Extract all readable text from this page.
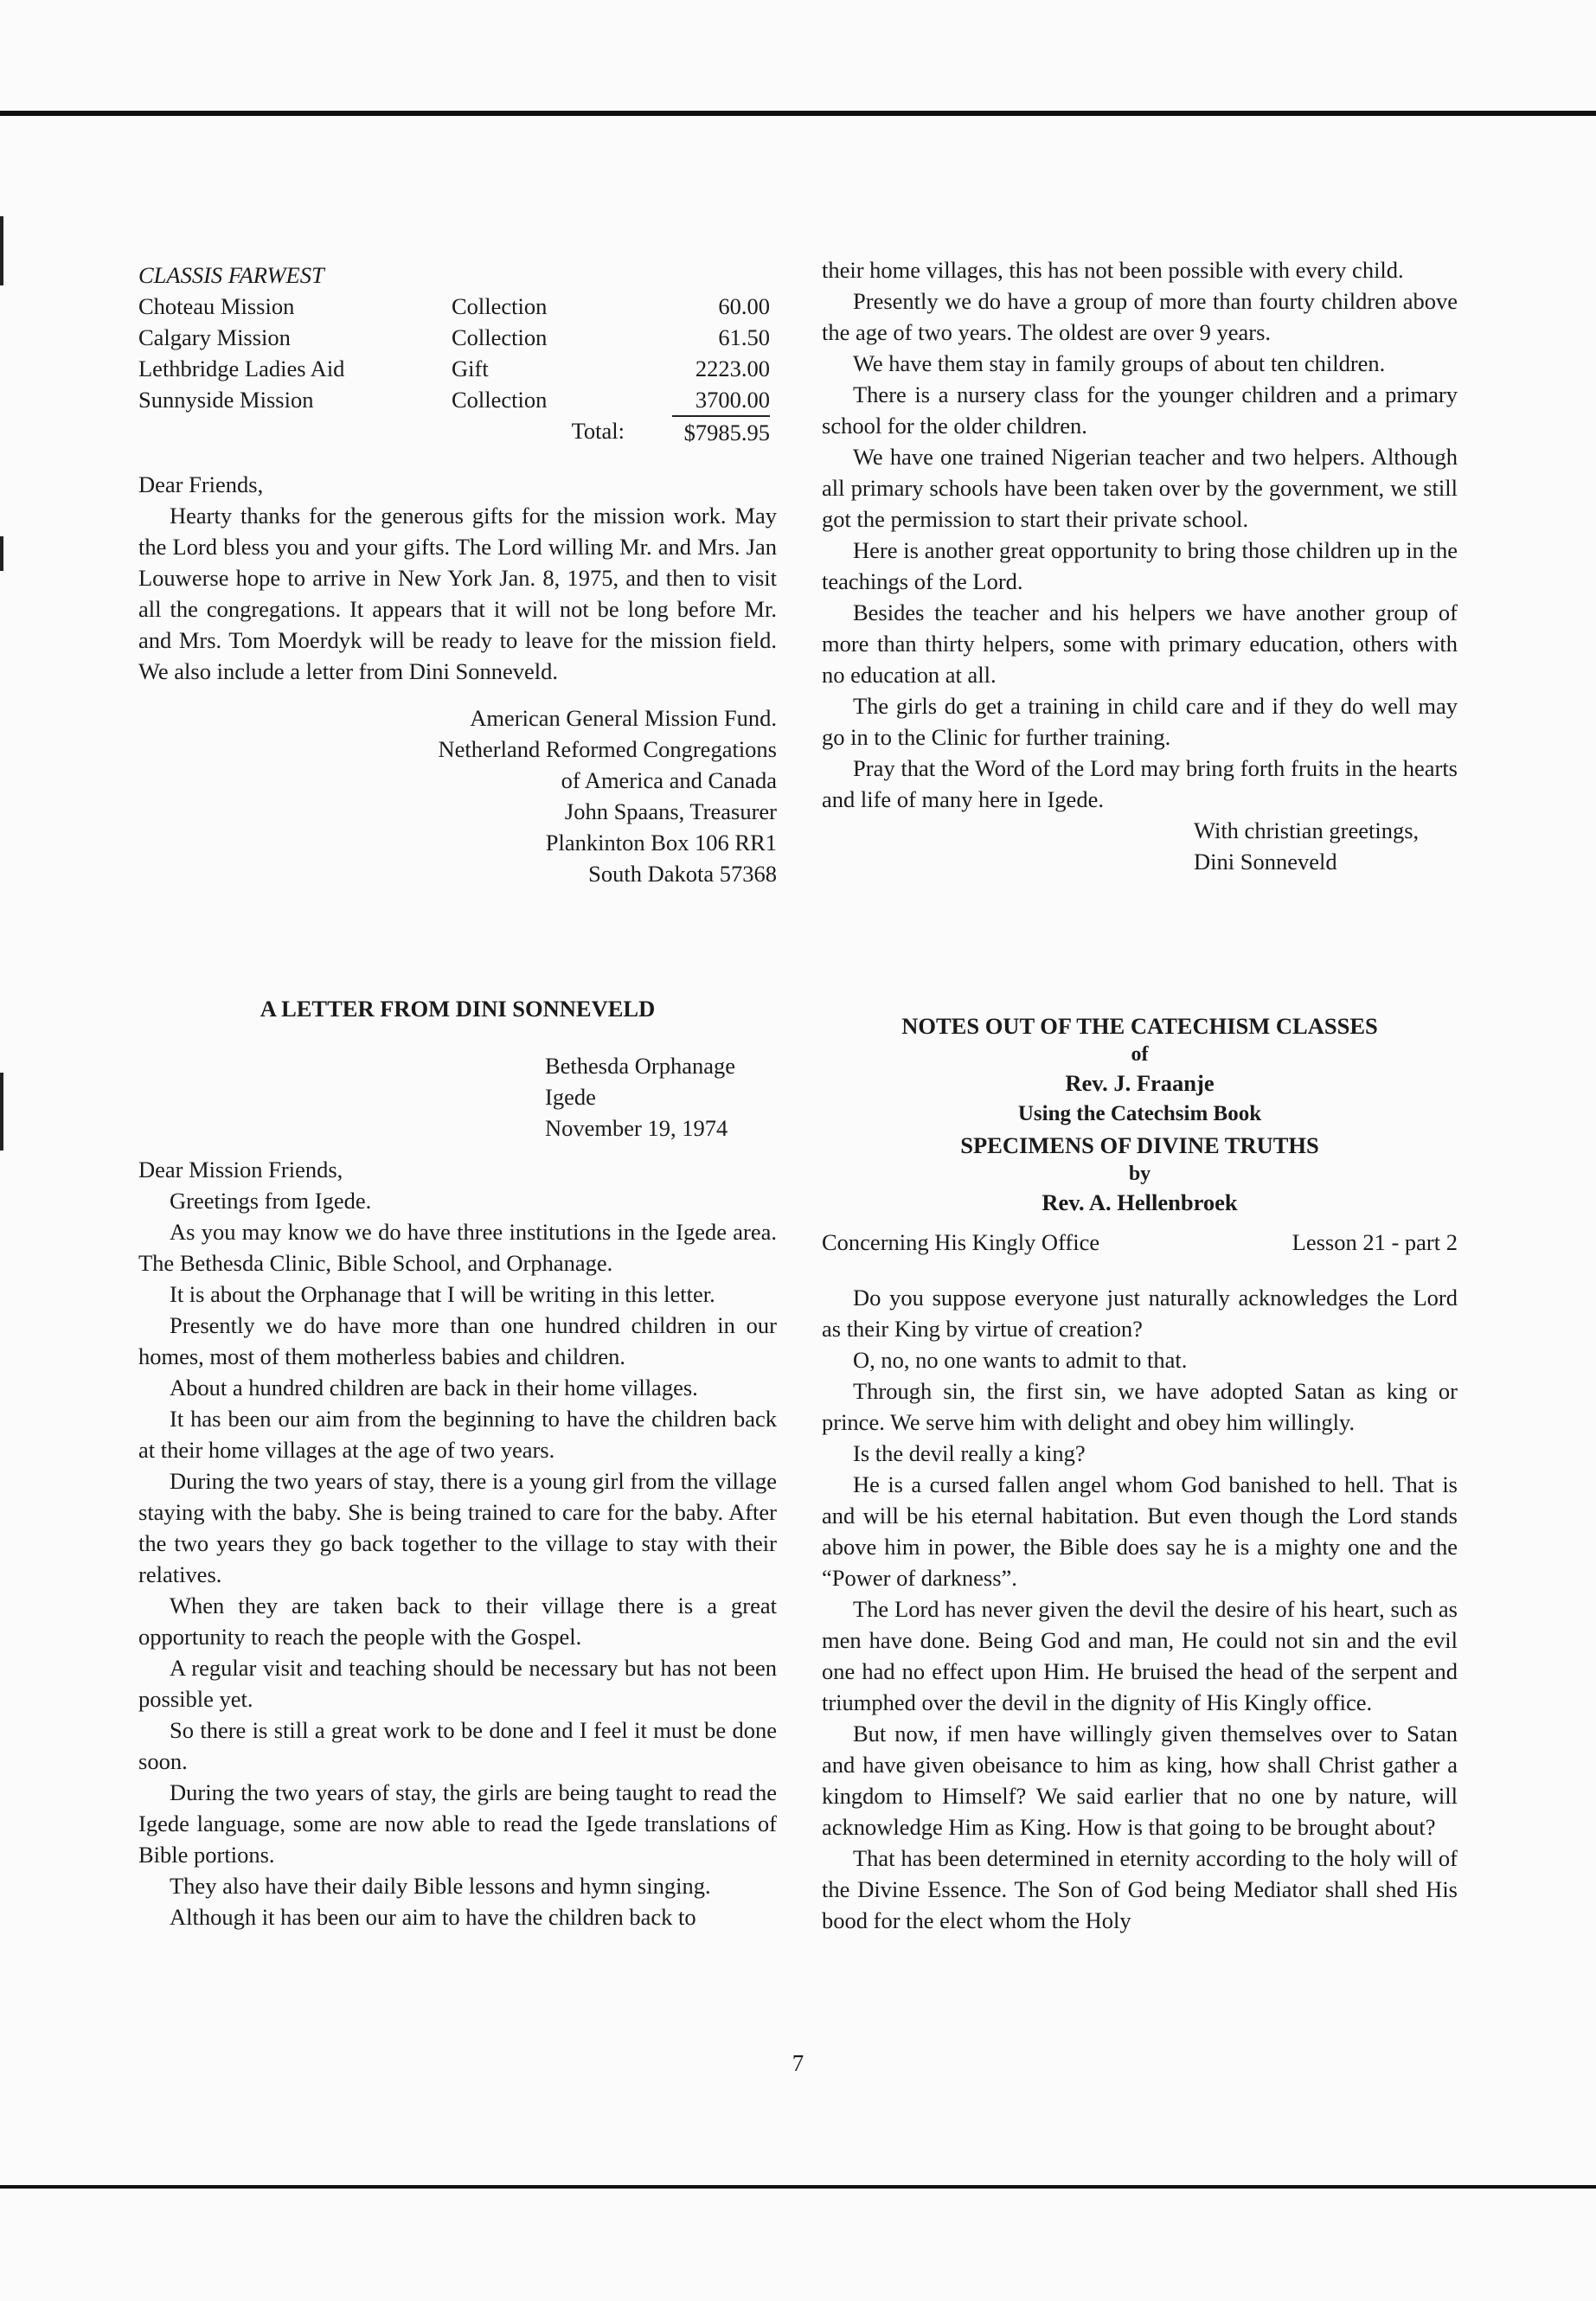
CLASSIS FARWEST

Choteau Mission	Collection	60.00
Calgary Mission	Collection	61.50
Lethbridge Ladies Aid	Gift	2223.00
Sunnyside Mission	Collection	3700.00
	Total:	$7985.95

Dear Friends,

Hearty thanks for the generous gifts for the mission work. May the Lord bless you and your gifts. The Lord willing Mr. and Mrs. Jan Louwerse hope to arrive in New York Jan. 8, 1975, and then to visit all the congregations. It appears that it will not be long before Mr. and Mrs. Tom Moerdyk will be ready to leave for the mission field. We also include a letter from Dini Sonneveld.

American General Mission Fund.

Netherland Reformed Congregations

of America and Canada

John Spaans, Treasurer

Plankinton Box 106 RR1

South Dakota 57368

A LETTER FROM DINI SONNEVELD

Bethesda Orphanage

Igede

November 19, 1974

Dear Mission Friends,

Greetings from Igede.

As you may know we do have three institutions in the Igede area. The Bethesda Clinic, Bible School, and Orphanage.

It is about the Orphanage that I will be writing in this letter.

Presently we do have more than one hundred children in our homes, most of them motherless babies and children.

About a hundred children are back in their home villages.

It has been our aim from the beginning to have the children back at their home villages at the age of two years.

During the two years of stay, there is a young girl from the village staying with the baby. She is being trained to care for the baby. After the two years they go back together to the village to stay with their relatives.

When they are taken back to their village there is a great opportunity to reach the people with the Gospel.

A regular visit and teaching should be necessary but has not been possible yet.

So there is still a great work to be done and I feel it must be done soon.

During the two years of stay, the girls are being taught to read the Igede language, some are now able to read the Igede translations of Bible portions.

They also have their daily Bible lessons and hymn singing.

Although it has been our aim to have the children back to

their home villages, this has not been possible with every child.

Presently we do have a group of more than fourty children above the age of two years. The oldest are over 9 years.

We have them stay in family groups of about ten children.

There is a nursery class for the younger children and a primary school for the older children.

We have one trained Nigerian teacher and two helpers. Although all primary schools have been taken over by the government, we still got the permission to start their private school.

Here is another great opportunity to bring those children up in the teachings of the Lord.

Besides the teacher and his helpers we have another group of more than thirty helpers, some with primary education, others with no education at all.

The girls do get a training in child care and if they do well may go in to the Clinic for further training.

Pray that the Word of the Lord may bring forth fruits in the hearts and life of many here in Igede.

With christian greetings,

Dini Sonneveld

NOTES OUT OF THE CATECHISM CLASSES

of

Rev. J. Fraanje

Using the Catechsim Book

SPECIMENS OF DIVINE TRUTHS

by

Rev. A. Hellenbroek

Concerning His Kingly Office	Lesson 21 - part 2

Do you suppose everyone just naturally acknowledges the Lord as their King by virtue of creation?

O, no, no one wants to admit to that.

Through sin, the first sin, we have adopted Satan as king or prince. We serve him with delight and obey him willingly.

Is the devil really a king?

He is a cursed fallen angel whom God banished to hell. That is and will be his eternal habitation. But even though the Lord stands above him in power, the Bible does say he is a mighty one and the “Power of darkness”.

The Lord has never given the devil the desire of his heart, such as men have done. Being God and man, He could not sin and the evil one had no effect upon Him. He bruised the head of the serpent and triumphed over the devil in the dignity of His Kingly office.

But now, if men have willingly given themselves over to Satan and have given obeisance to him as king, how shall Christ gather a kingdom to Himself? We said earlier that no one by nature, will acknowledge Him as King. How is that going to be brought about?

That has been determined in eternity according to the holy will of the Divine Essence. The Son of God being Mediator shall shed His bood for the elect whom the Holy

7
